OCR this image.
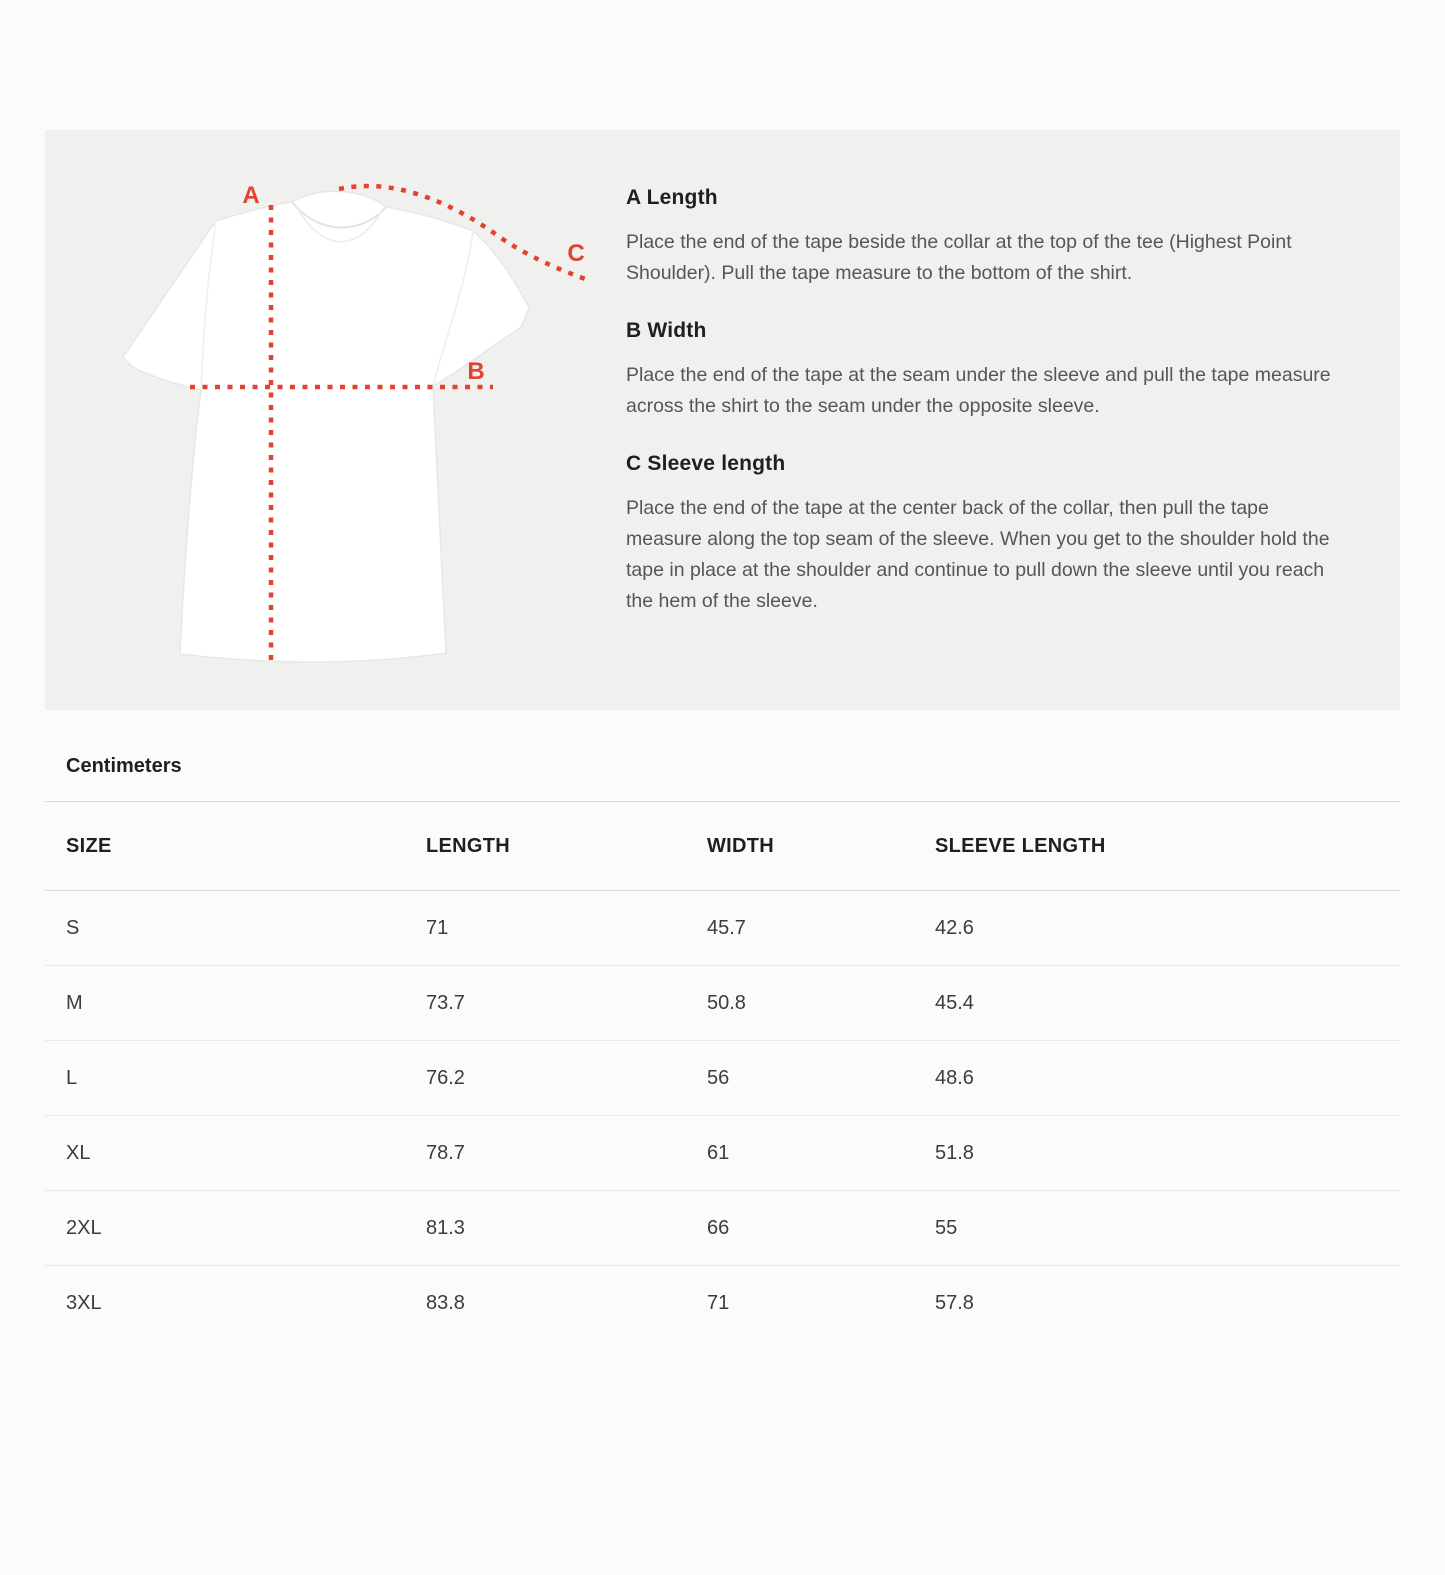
A
B
C
A Length

Place the end of the tape beside the collar at the top of the tee (Highest Point Shoulder). Pull the tape measure to the bottom of the shirt.

B Width

Place the end of the tape at the seam under the sleeve and pull the tape measure across the shirt to the seam under the opposite sleeve.

C Sleeve length

Place the end of the tape at the center back of the collar, then pull the tape measure along the top seam of the sleeve. When you get to the shoulder hold the tape in place at the shoulder and continue to pull down the sleeve until you reach the hem of the sleeve.

Centimeters
SIZE	LENGTH	WIDTH	SLEEVE LENGTH
S	71	45.7	42.6
M	73.7	50.8	45.4
L	76.2	56	48.6
XL	78.7	61	51.8
2XL	81.3	66	55
3XL	83.8	71	57.8
